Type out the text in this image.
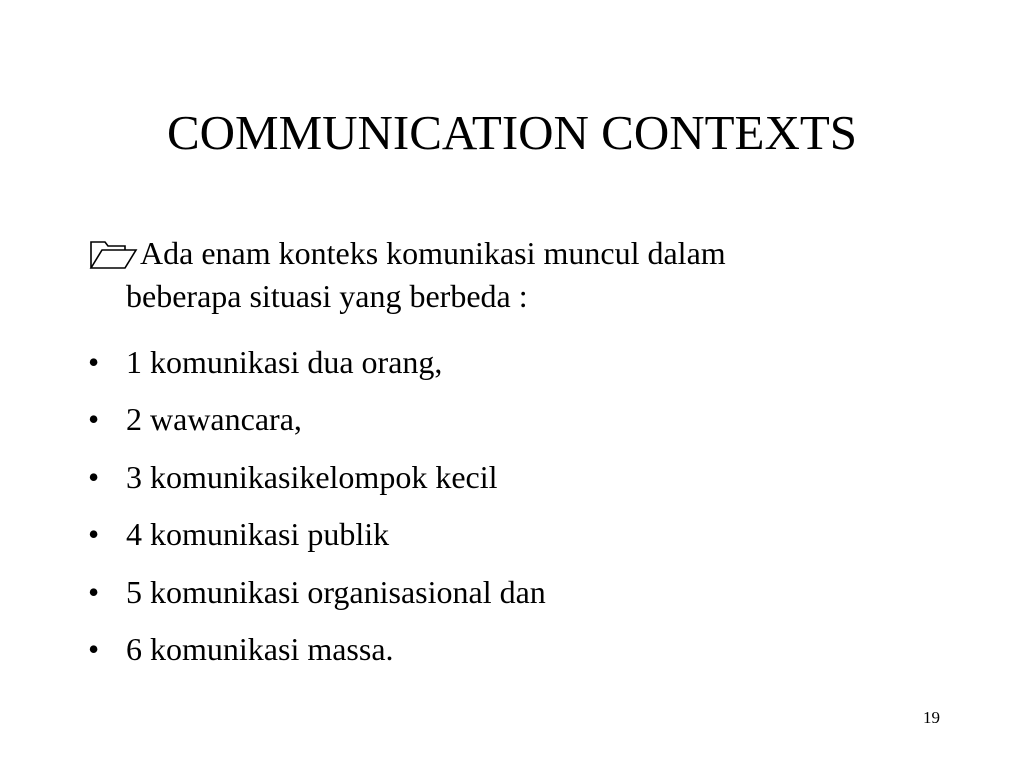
COMMUNICATION CONTEXTS
Ada enam konteks komunikasi muncul dalam
beberapa situasi yang berbeda :
• 1 komunikasi dua orang,
• 2 wawancara,
• 3 komunikasikelompok kecil
• 4 komunikasi publik
• 5 komunikasi organisasional dan
• 6 komunikasi massa.
19
